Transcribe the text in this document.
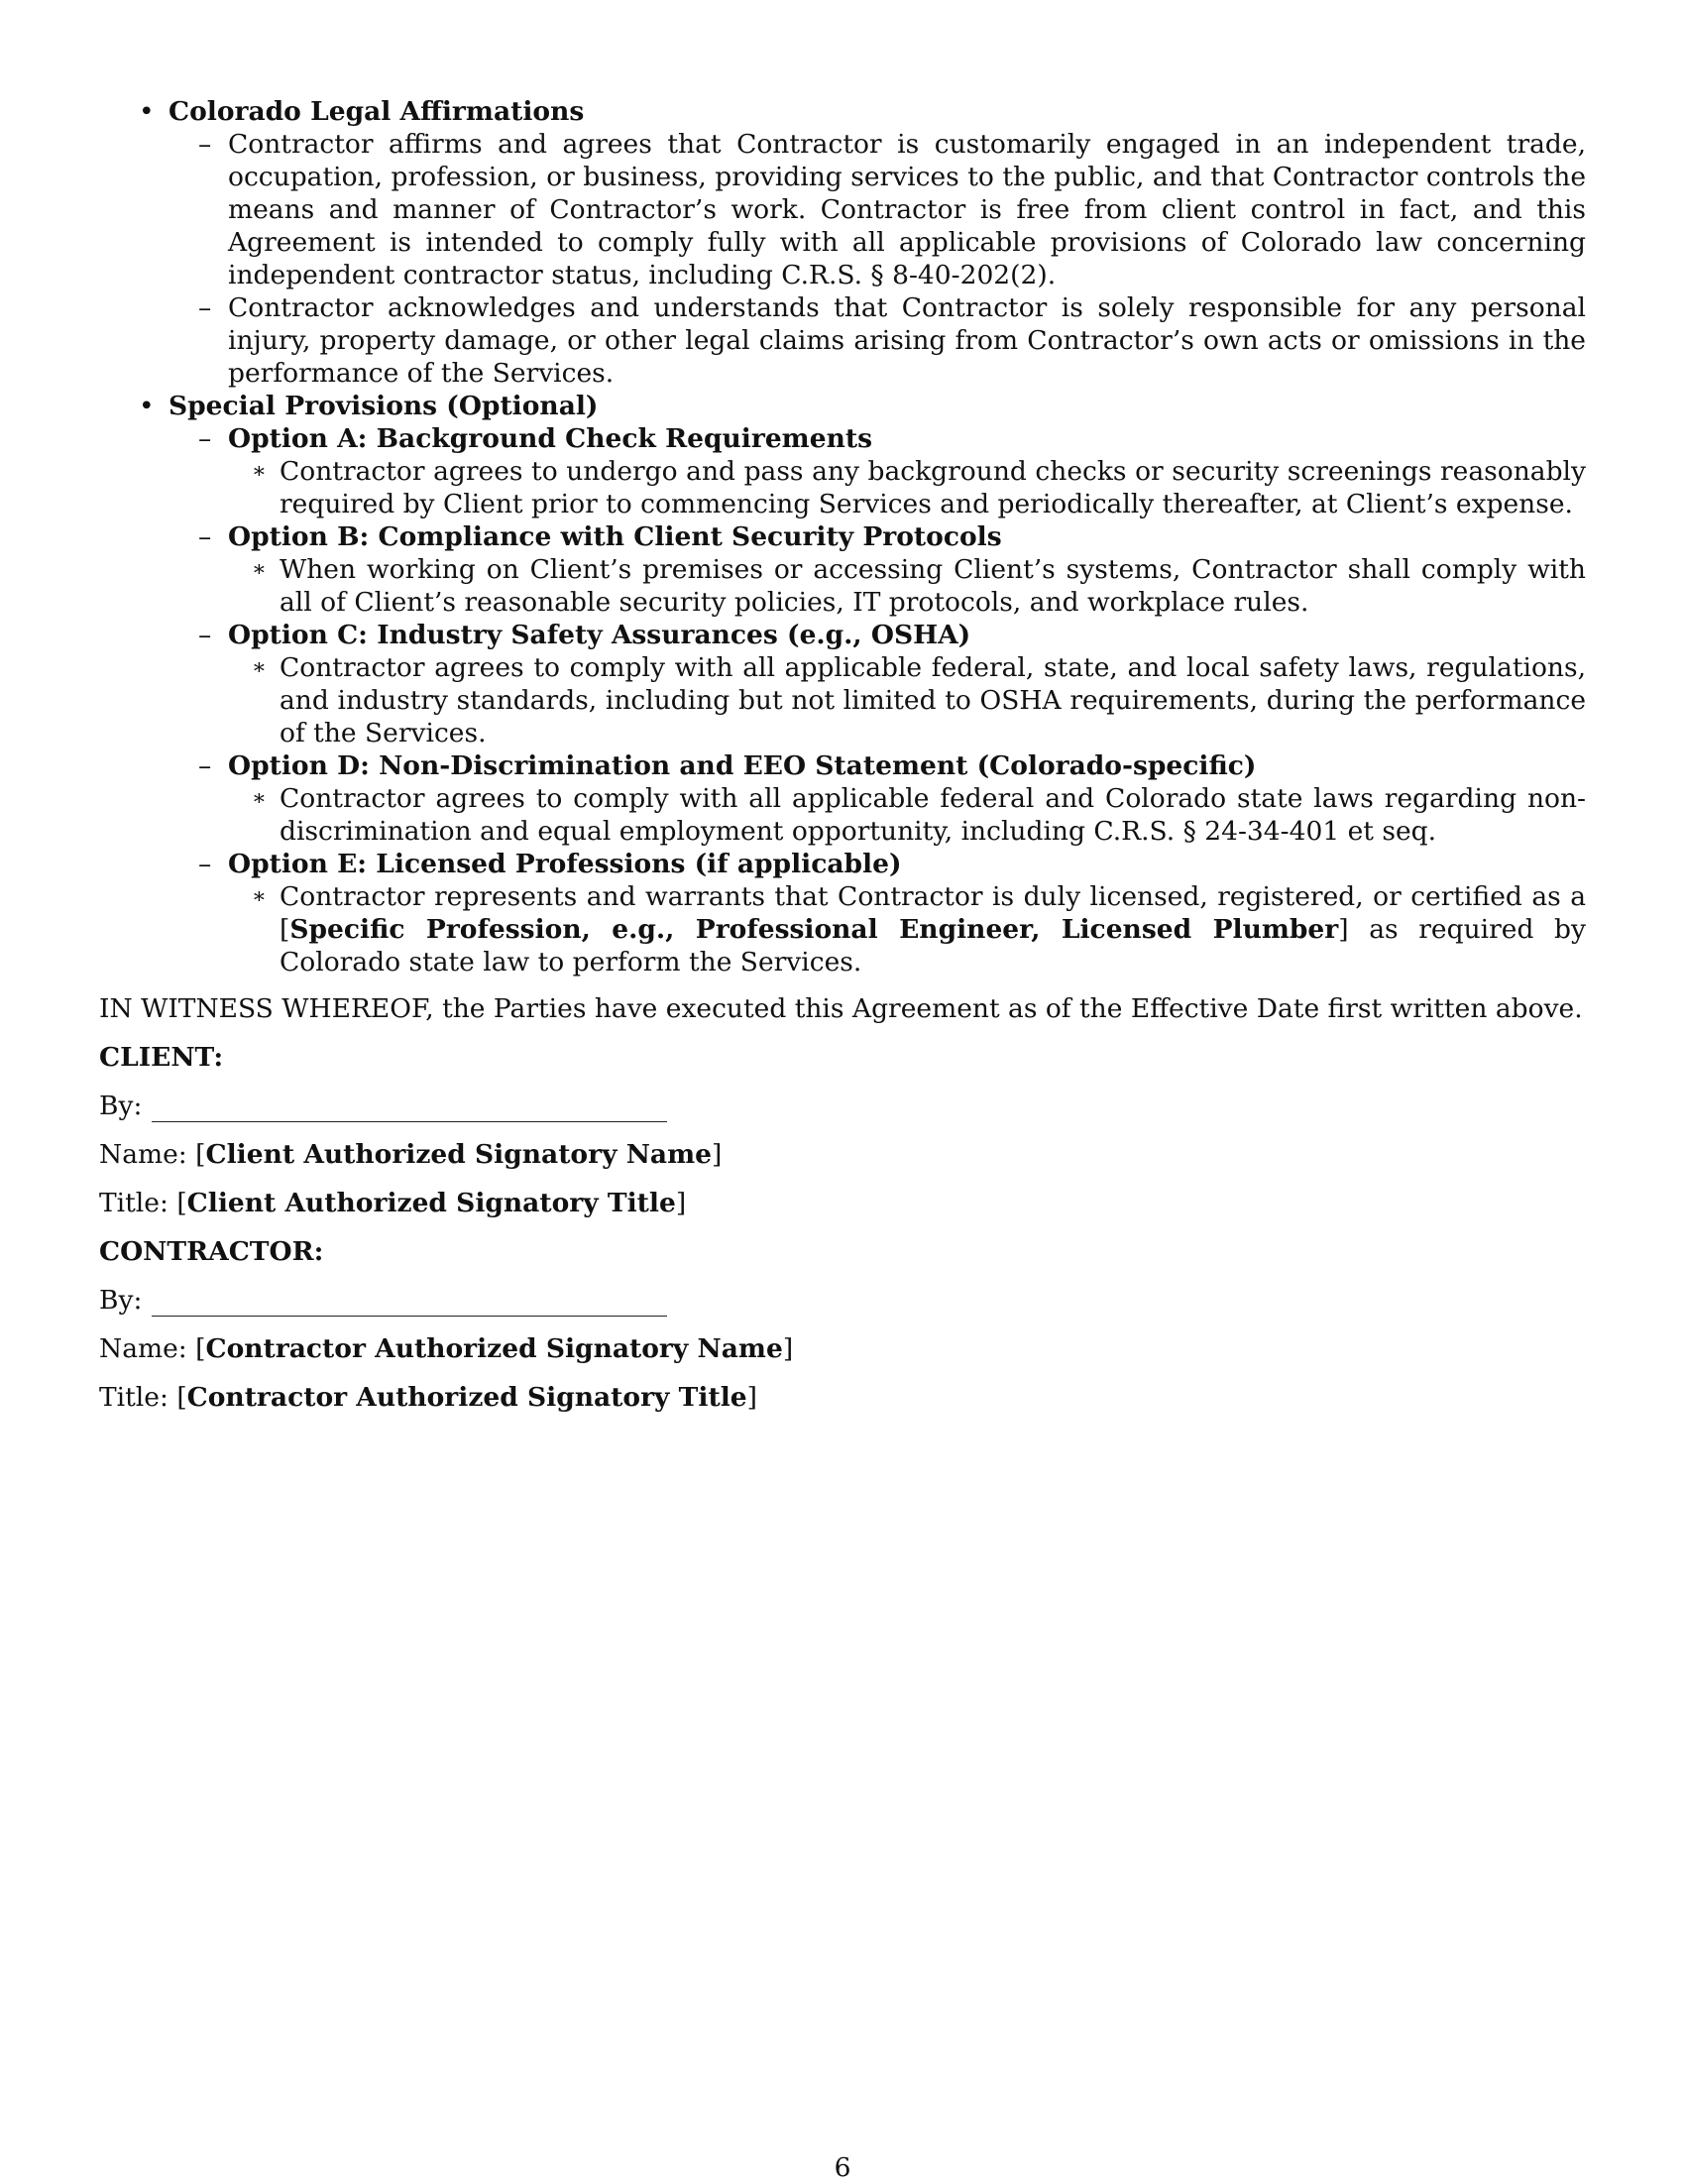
• Colorado Legal Affirmations
– Contractor affirms and agrees that Contractor is customarily engaged in an independent trade, occupation, profession, or business, providing services to the public, and that Contractor controls the means and manner of Contractor’s work. Contractor is free from client control in fact, and this Agreement is intended to comply fully with all applicable provisions of Colorado law concerning independent contractor status, including C.R.S. § 8-40-202(2).

– Contractor acknowledges and understands that Contractor is solely responsible for any personal injury, property damage, or other legal claims arising from Contractor’s own acts or omissions in the performance of the Services.

• Special Provisions (Optional)
– Option A: Background Check Requirements
∗ Contractor agrees to undergo and pass any background checks or security screenings reasonably required by Client prior to commencing Services and periodically thereafter, at Client’s expense.

– Option B: Compliance with Client Security Protocols
∗ When working on Client’s premises or accessing Client’s systems, Contractor shall comply with all of Client’s reasonable security policies, IT protocols, and workplace rules.

– Option C: Industry Safety Assurances (e.g., OSHA)
∗ Contractor agrees to comply with all applicable federal, state, and local safety laws, regulations, and industry standards, including but not limited to OSHA requirements, during the performance of the Services.

– Option D: Non-Discrimination and EEO Statement (Colorado-specific)
∗ Contractor agrees to comply with all applicable federal and Colorado state laws regarding non-discrimination and equal employment opportunity, including C.R.S. § 24-34-401 et seq.

– Option E: Licensed Professions (if applicable)
∗ Contractor represents and warrants that Contractor is duly licensed, registered, or certified as a [Specific Profession, e.g., Professional Engineer, Licensed Plumber] as required by Colorado state law to perform the Services.

IN WITNESS WHEREOF, the Parties have executed this Agreement as of the Effective Date first written above.

CLIENT:
By:
Name: [Client Authorized Signatory Name]
Title: [Client Authorized Signatory Title]
CONTRACTOR:
By:
Name: [Contractor Authorized Signatory Name]
Title: [Contractor Authorized Signatory Title]
6
